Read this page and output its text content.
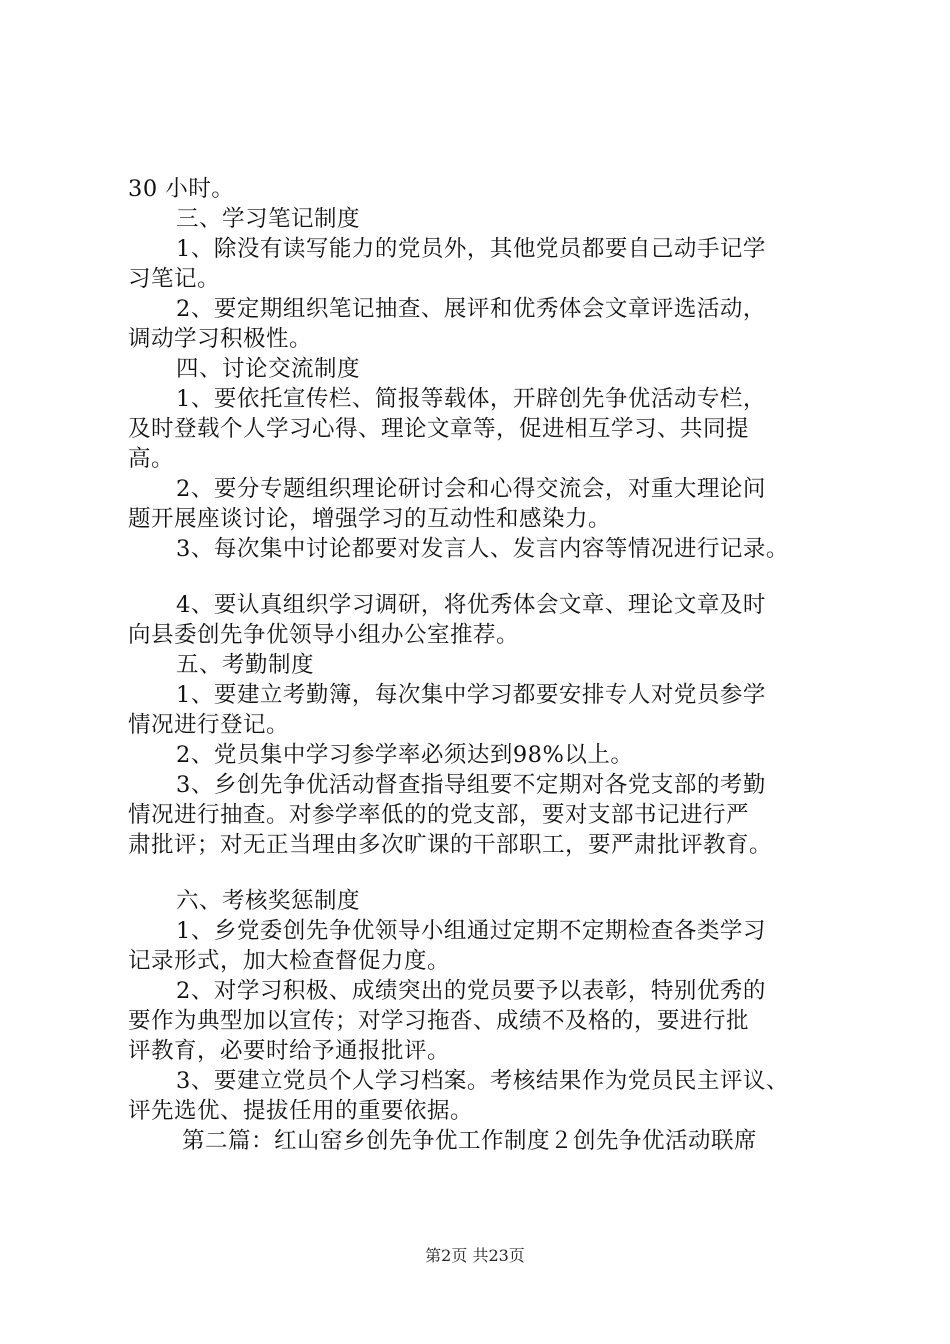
30 小时。
三、学习笔记制度
1、除没有读写能力的党员外，其他党员都要自己动手记学
习笔记。
2、要定期组织笔记抽查、展评和优秀体会文章评选活动，
调动学习积极性。
四、讨论交流制度
1、要依托宣传栏、简报等载体，开辟创先争优活动专栏，
及时登载个人学习心得、理论文章等，促进相互学习、共同提
高。
2、要分专题组织理论研讨会和心得交流会，对重大理论问
题开展座谈讨论，增强学习的互动性和感染力。
3、每次集中讨论都要对发言人、发言内容等情况进行记录。
4、要认真组织学习调研，将优秀体会文章、理论文章及时
向县委创先争优领导小组办公室推荐。
五、考勤制度
1、要建立考勤簿，每次集中学习都要安排专人对党员参学
情况进行登记。
2、党员集中学习参学率必须达到98%以上。
3、乡创先争优活动督查指导组要不定期对各党支部的考勤
情况进行抽查。对参学率低的的党支部，要对支部书记进行严
肃批评；对无正当理由多次旷课的干部职工，要严肃批评教育。
六、考核奖惩制度
1、乡党委创先争优领导小组通过定期不定期检查各类学习
记录形式，加大检查督促力度。
2、对学习积极、成绩突出的党员要予以表彰，特别优秀的
要作为典型加以宣传；对学习拖沓、成绩不及格的，要进行批
评教育，必要时给予通报批评。
3、要建立党员个人学习档案。考核结果作为党员民主评议、
评先选优、提拔任用的重要依据。
第二篇：红山窑乡创先争优工作制度２创先争优活动联席
第2页 共23页
